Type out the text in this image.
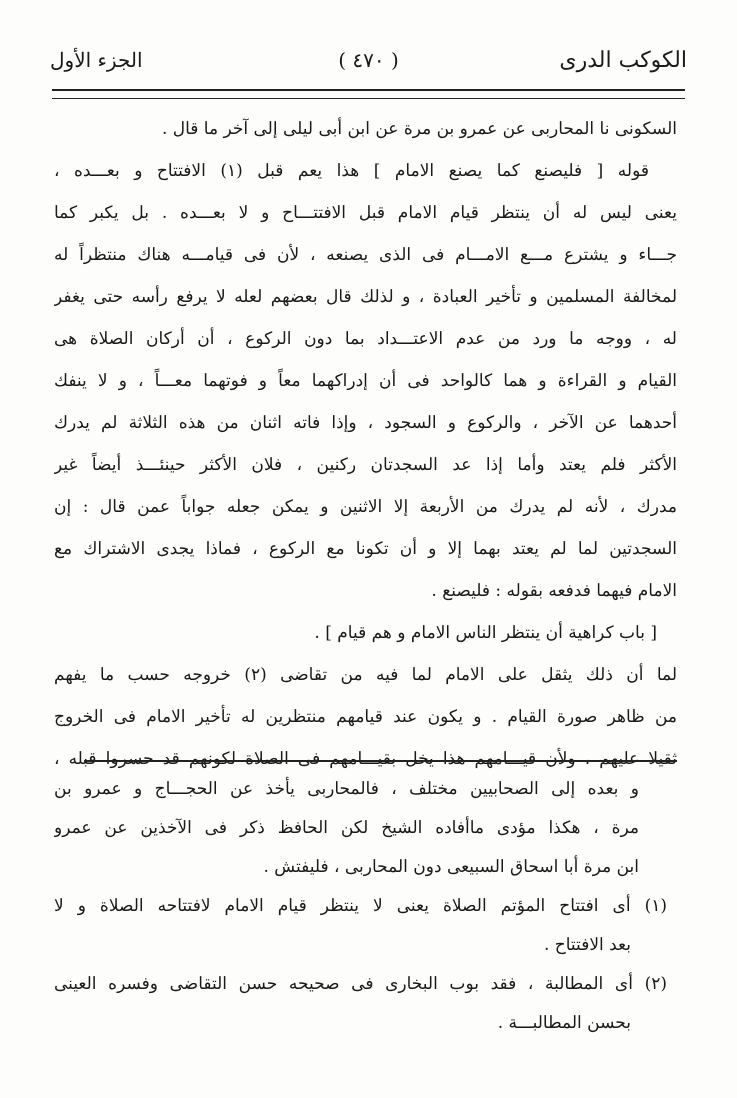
الكوكب الدرى
( ٤٧٠ )
الجزء الأول
السكونى نا المحاربى عن عمرو بن مرة عن ابن أبى ليلى إلى آخر ما قال .
قوله [ فليصنع كما يصنع الامام ] هذا يعم قبل (١) الافتتاح و بعـــده ،
يعنى ليس له أن ينتظر قيام الامام قبل الافتتـــاح و لا بعـــده . بل يكبر كما
جـــاء و يشترع مـــع الامـــام فى الذى يصنعه ، لأن فى قيامـــه هناك منتظراً له
لمخالفة المسلمين و تأخير العبادة ، و لذلك قال بعضهم لعله لا يرفع رأسه حتى يغفر
له ، ووجه ما ورد من عدم الاعتـــداد بما دون الركوع ، أن أركان الصلاة هى
القيام و القراءة و هما كالواحد فى أن إدراكهما معاً و فوتهما معـــاً ، و لا ينفك
أحدهما عن الآخر ، والركوع و السجود ، وإذا فاته اثنان من هذه الثلاثة لم يدرك
الأكثر فلم يعتد وأما إذا عد السجدتان ركنين ، فلان الأكثر حينئـــذ أيضاً غير
مدرك ، لأنه لم يدرك من الأربعة إلا الاثنين و يمكن جعله جواباً عمن قال : إن
السجدتين لما لم يعتد بهما إلا و أن تكونا مع الركوع ، فماذا يجدى الاشتراك مع
الامام فيهما فدفعه بقوله : فليصنع .
[ باب كراهية أن ينتظر الناس الامام و هم قيام ] .
لما أن ذلك يثقل على الامام لما فيه من تقاضى (٢) خروجه حسب ما يفهم
من ظاهر صورة القيام . و يكون عند قيامهم منتظرين له تأخير الامام فى الخروج
ثقيلا عليهم ، ولأن قيـــامهم هذا يخل بقيـــامهم فى الصلاة لكونهم قد حسروا قبله ،
و بعده إلى الصحابيين مختلف ، فالمحاربى يأخذ عن الحجـــاج و عمرو بن
مرة ، هكذا مؤدى ماأفاده الشيخ لكن الحافظ ذكر فى الآخذين عن عمرو
ابن مرة أبا اسحاق السبيعى دون المحاربى ، فليفتش .
(١) أى افتتاح المؤتم الصلاة يعنى لا ينتظر قيام الامام لافتتاحه الصلاة و لا
بعد الافتتاح .
(٢) أى المطالبة ، فقد بوب البخارى فى صحيحه حسن التقاضى وفسره العينى
بحسن المطالبـــة .
